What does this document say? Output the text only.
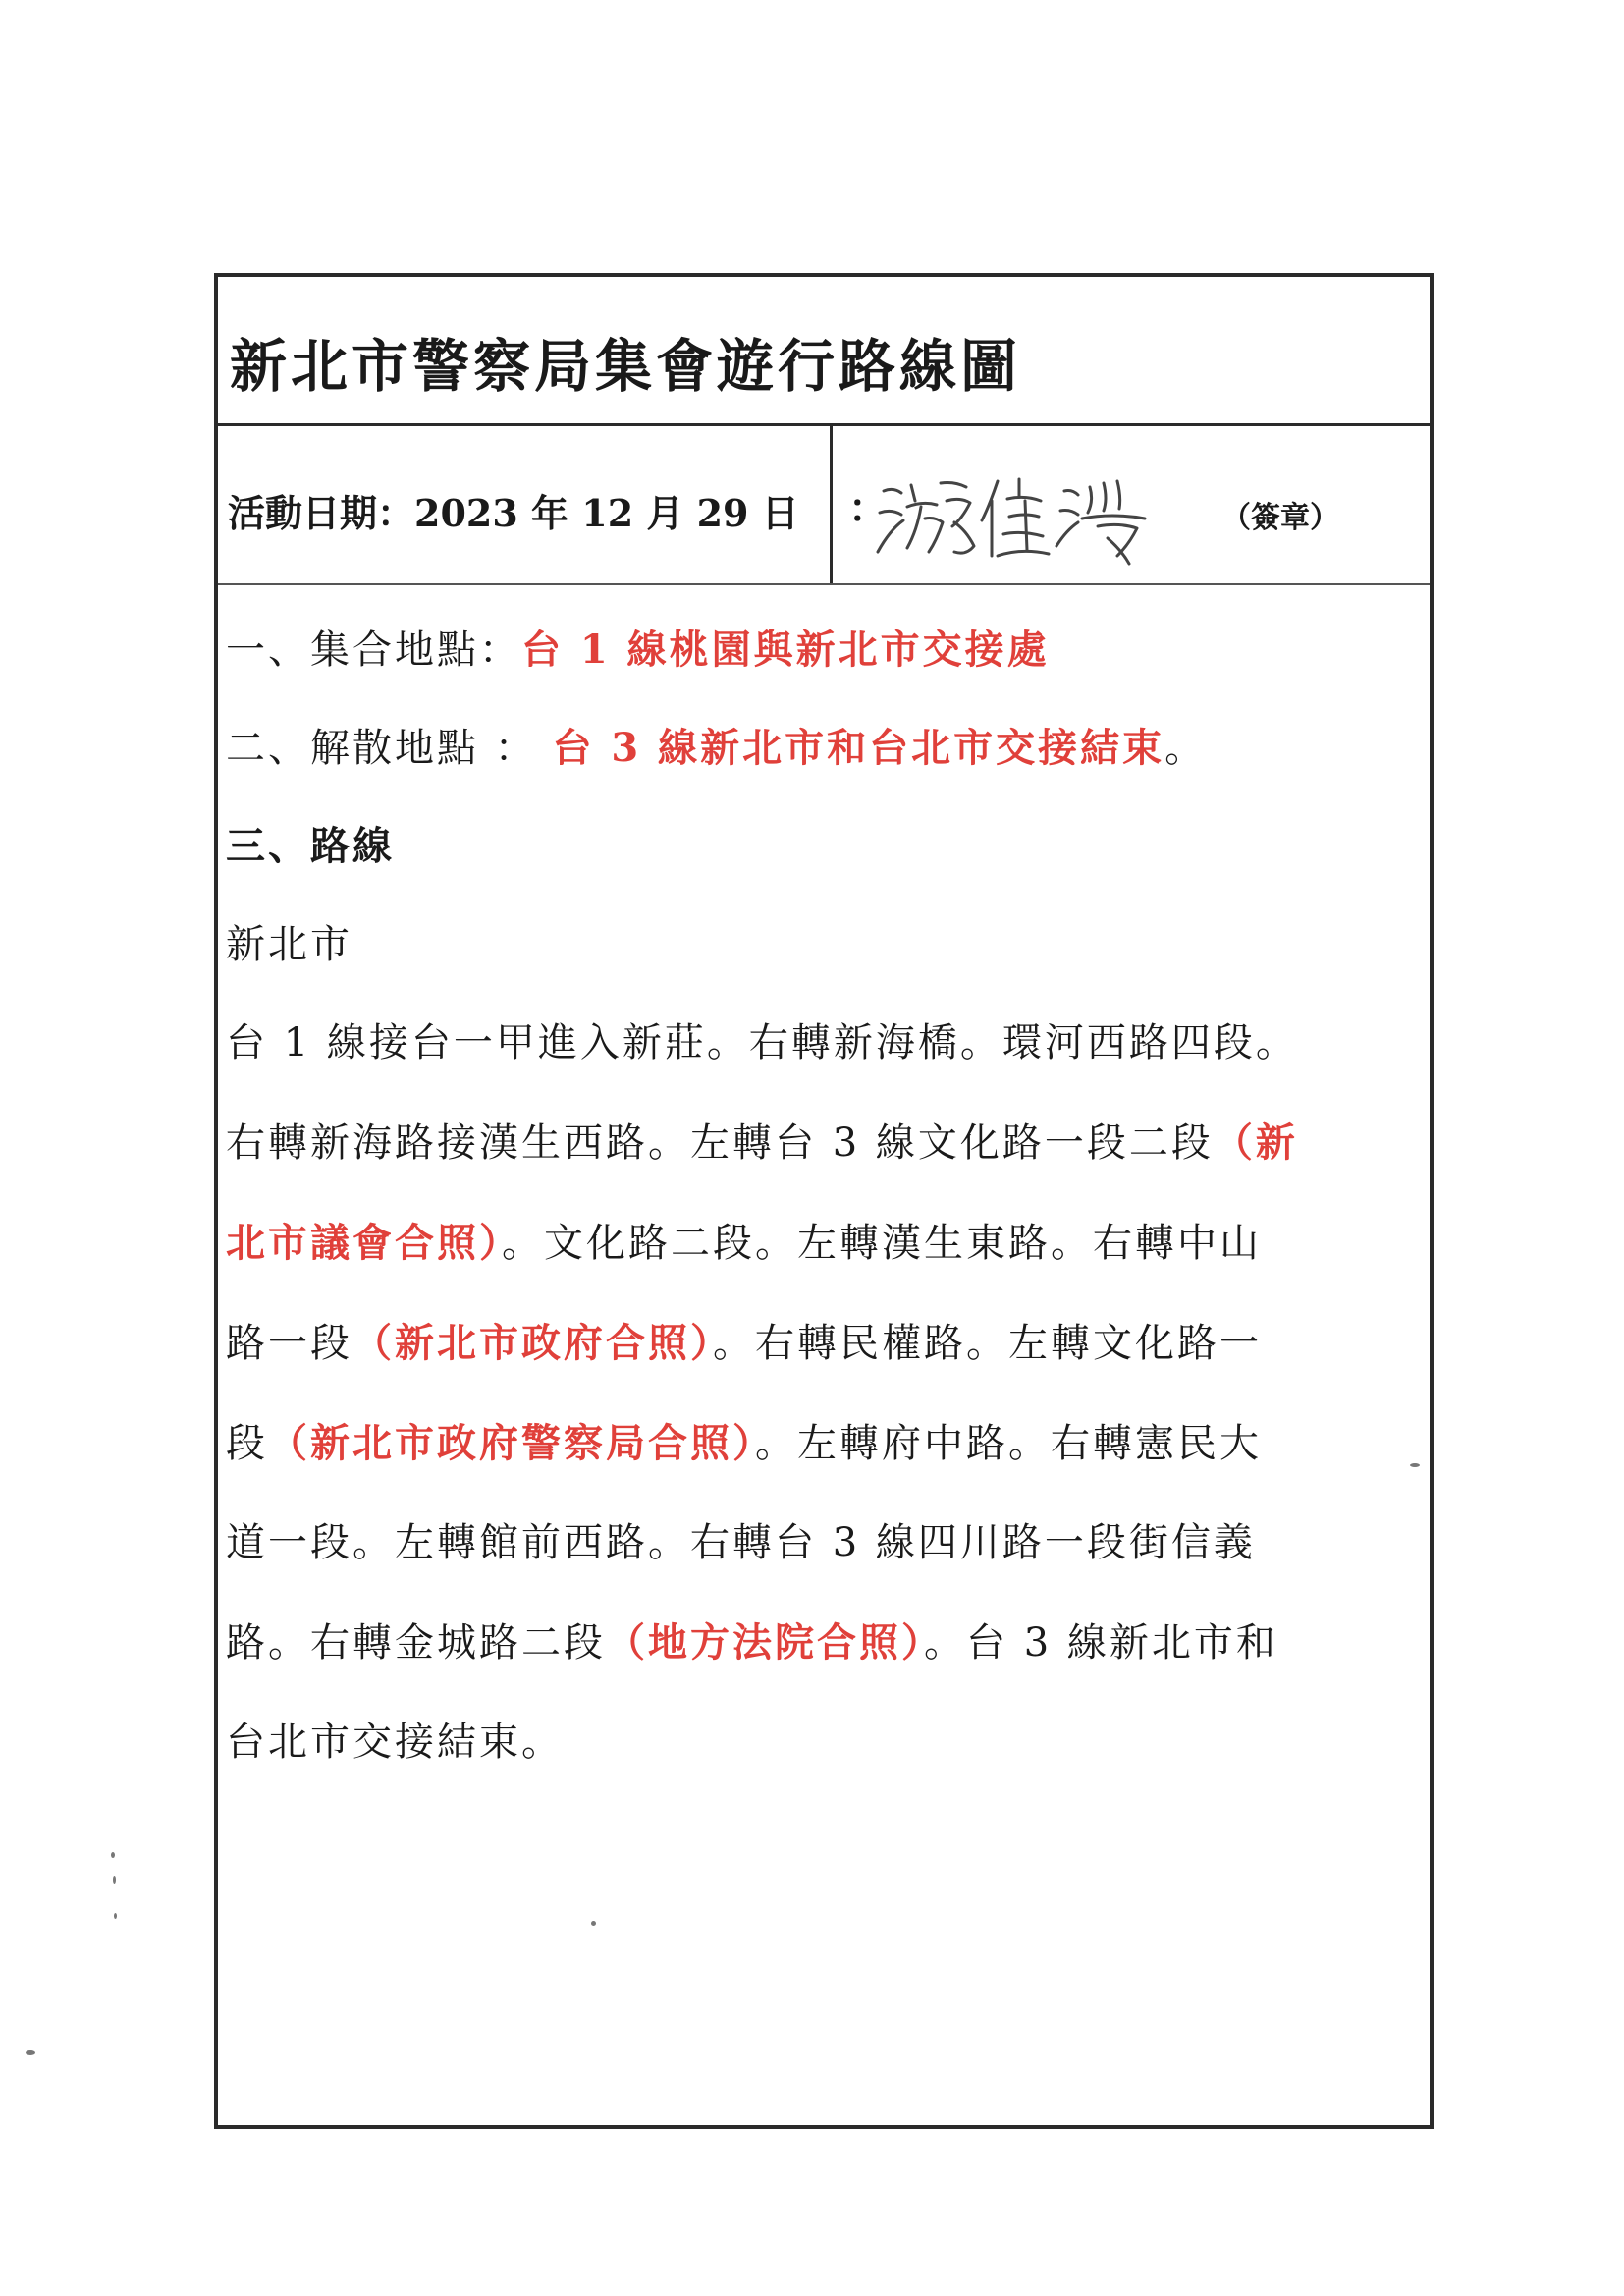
新北市警察局集會遊行路線圖
活動日期：2023 年 12 月 29 日 ：	（簽章）
一、集合地點：台 1 線桃園與新北市交接處
二、解散地點 ： 台 3 線新北市和台北市交接結束。
三、路線
新北市
台 1 線接台一甲進入新莊。右轉新海橋。環河西路四段。
右轉新海路接漢生西路。左轉台 3 線文化路一段二段（新
北市議會合照）。文化路二段。左轉漢生東路。右轉中山
路一段（新北市政府合照）。右轉民權路。左轉文化路一
段（新北市政府警察局合照）。左轉府中路。右轉憲民大
道一段。左轉館前西路。右轉台 3 線四川路一段街信義
路。右轉金城路二段（地方法院合照）。台 3 線新北市和
台北市交接結束。
